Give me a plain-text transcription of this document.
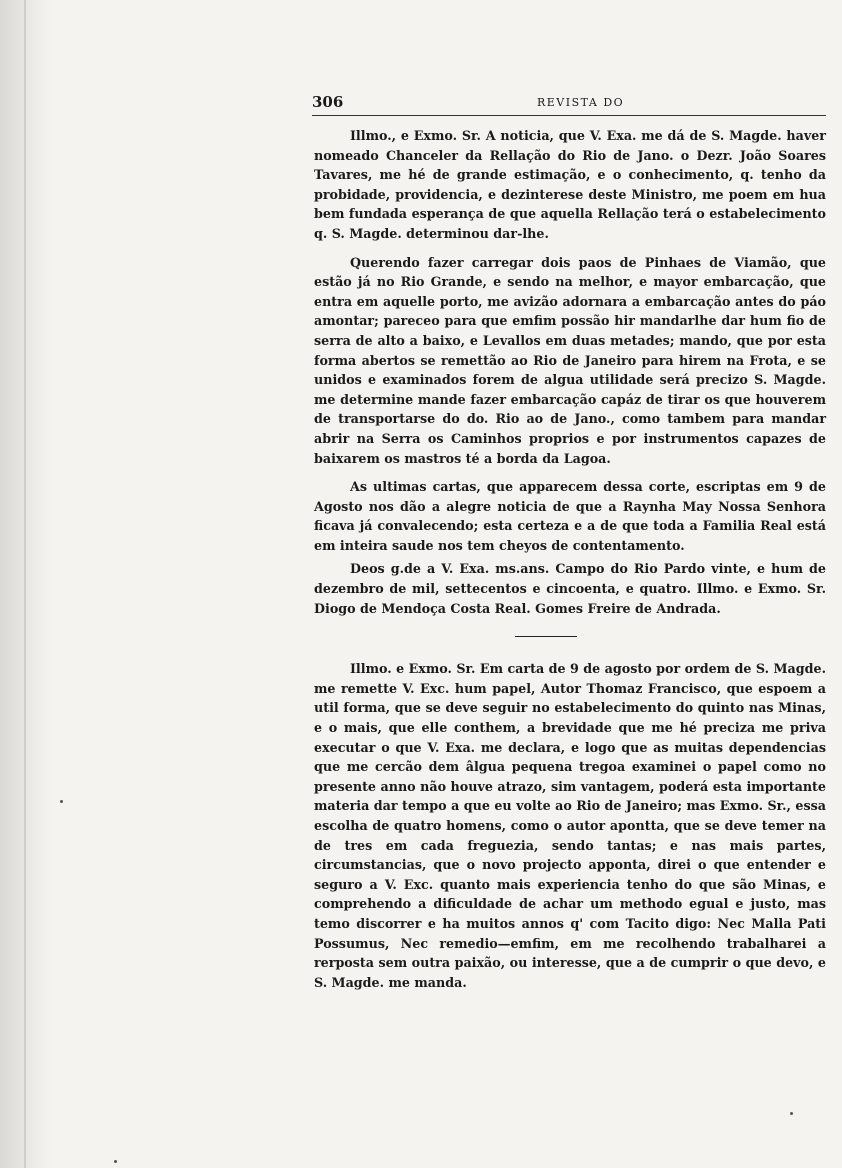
306	REVISTA DO

Illmo., e Exmo. Sr. A noticia, que V. Exa. me dá de S. Magde. haver nomeado Chanceler da Rellação do Rio de Jano. o Dezr. João Soares Tavares, me hé de grande estimação, e o conhecimento, q. tenho da probidade, providencia, e dezinterese deste Ministro, me poem em hua bem fundada esperança de que aquella Rellação terá o estabelecimento q. S. Magde. determinou dar-lhe.

Querendo fazer carregar dois paos de Pinhaes de Viamão, que estão já no Rio Grande, e sendo na melhor, e mayor embarcação, que entra em aquelle porto, me avizão adornara a embarcação antes do páo amontar; pareceo para que emfim possão hir mandarlhe dar hum fio de serra de alto a baixo, e Levallos em duas metades; mando, que por esta forma abertos se remettão ao Rio de Janeiro para hirem na Frota, e se unidos e examinados forem de algua utilidade será precizo S. Magde. me determine mande fazer embarcação capáz de tirar os que houverem de transportarse do do. Rio ao de Jano., como tambem para mandar abrir na Serra os Caminhos proprios e por instrumentos capazes de baixarem os mastros té a borda da Lagoa.

As ultimas cartas, que apparecem dessa corte, escriptas em 9 de Agosto nos dão a alegre noticia de que a Raynha May Nossa Senhora ficava já convalecendo; esta certeza e a de que toda a Familia Real está em inteira saude nos tem cheyos de contentamento.

Deos g.de a V. Exa. ms.ans. Campo do Rio Pardo vinte, e hum de dezembro de mil, settecentos e cincoenta, e quatro. Illmo. e Exmo. Sr. Diogo de Mendoça Costa Real. Gomes Freire de Andrada.

Illmo. e Exmo. Sr. Em carta de 9 de agosto por ordem de S. Magde. me remette V. Exc. hum papel, Autor Thomaz Francisco, que espoem a util forma, que se deve seguir no estabelecimento do quinto nas Minas, e o mais, que elle conthem, a brevidade que me hé preciza me priva executar o que V. Exa. me declara, e logo que as muitas dependencias que me cercão dem âlgua pequena tregoa examinei o papel como no presente anno não houve atrazo, sim vantagem, poderá esta importante materia dar tempo a que eu volte ao Rio de Janeiro; mas Exmo. Sr., essa escolha de quatro homens, como o autor apontta, que se deve temer na de tres em cada freguezia, sendo tantas; e nas mais partes, circumstancias, que o novo projecto apponta, direi o que entender e seguro a V. Exc. quanto mais experiencia tenho do que são Minas, e comprehendo a dificuldade de achar um methodo egual e justo, mas temo discorrer e ha muitos annos q' com Tacito digo: Nec Malla Pati Possumus, Nec remedio—emfim, em me recolhendo trabalharei a rerposta sem outra paixão, ou interesse, que a de cumprir o que devo, e S. Magde. me manda.
